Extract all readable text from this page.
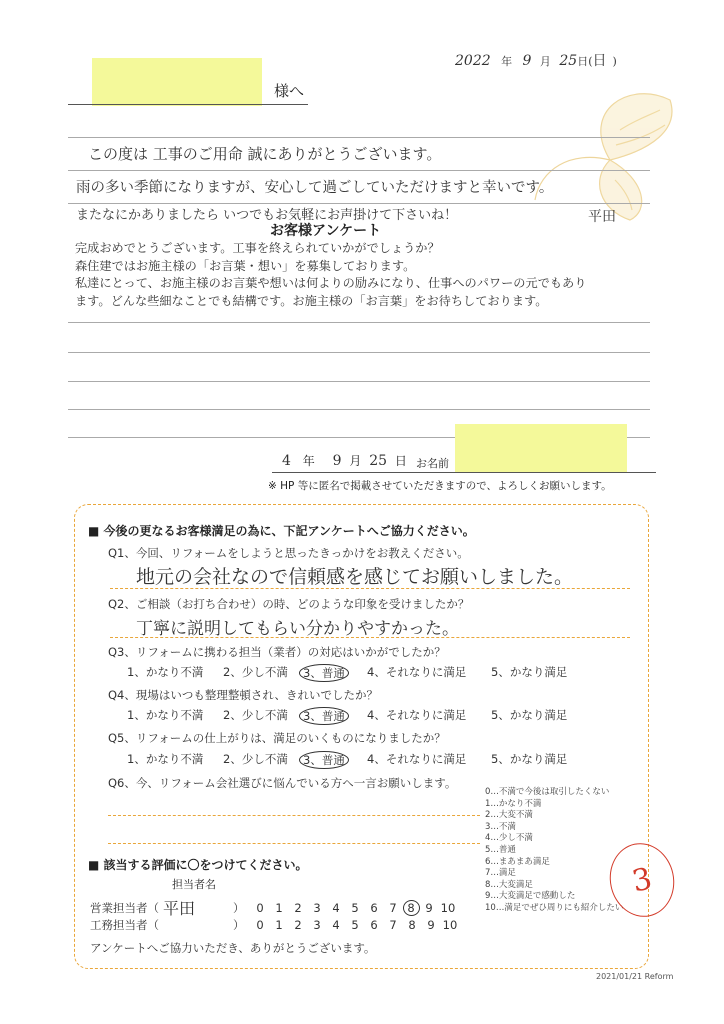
2022 年 9 月 25日(日 )
様へ
この度は 工事のご用命 誠にありがとうございます。
雨の多い季節になりますが、安心して過ごしていただけますと幸いです。
またなにかありましたら いつでもお気軽にお声掛けて下さいね！	平田
お客様アンケート
完成おめでとうございます。工事を終えられていかがでしょうか？
森住建ではお施主様の「お言葉・想い」を募集しております。
私達にとって、お施主様のお言葉や想いは何よりの励みになり、仕事へのパワーの元でもあり
ます。どんな些細なことでも結構です。お施主様の「お言葉」をお待ちしております。
4 年 9 月 25 日 お名前
※ HP 等に匿名で掲載させていただきますので、よろしくお願いします。
■ 今後の更なるお客様満足の為に、下記アンケートへご協力ください。
Q1、今回、リフォームをしようと思ったきっかけをお教えください。
地元の会社なので信頼感を感じてお願いしました。
Q2、ご相談（お打ち合わせ）の時、どのような印象を受けましたか？
丁寧に説明してもらい分かりやすかった。
Q3、リフォームに携わる担当（業者）の対応はいかがでしたか？
1、かなり不満	2、少し不満	3、普通	4、それなりに満足	5、かなり満足
Q4、現場はいつも整理整頓され、きれいでしたか？
1、かなり不満	2、少し不満	3、普通	4、それなりに満足	5、かなり満足
Q5、リフォームの仕上がりは、満足のいくものになりましたか？
1、かなり不満	2、少し不満	3、普通	4、それなりに満足	5、かなり満足
Q6、今、リフォーム会社選びに悩んでいる方へ一言お願いします。
0…不満で今後は取引したくない
1…かなり不満
2…大変不満
3…不満
4…少し不満
5…普通
6…まあまあ満足
7…満足
8…大変満足
9…大変満足で感動した
10…満足でぜひ周りにも紹介したい
■ 該当する評価に〇をつけてください。
担当者名
営業担当者（ 平田	）	0 1 2 3 4 5 6 7 8 9 10
工務担当者（	）	0 1 2 3 4 5 6 7 8 9 10
アンケートへご協力いただき、ありがとうございます。
3
2021/01/21 Reform
